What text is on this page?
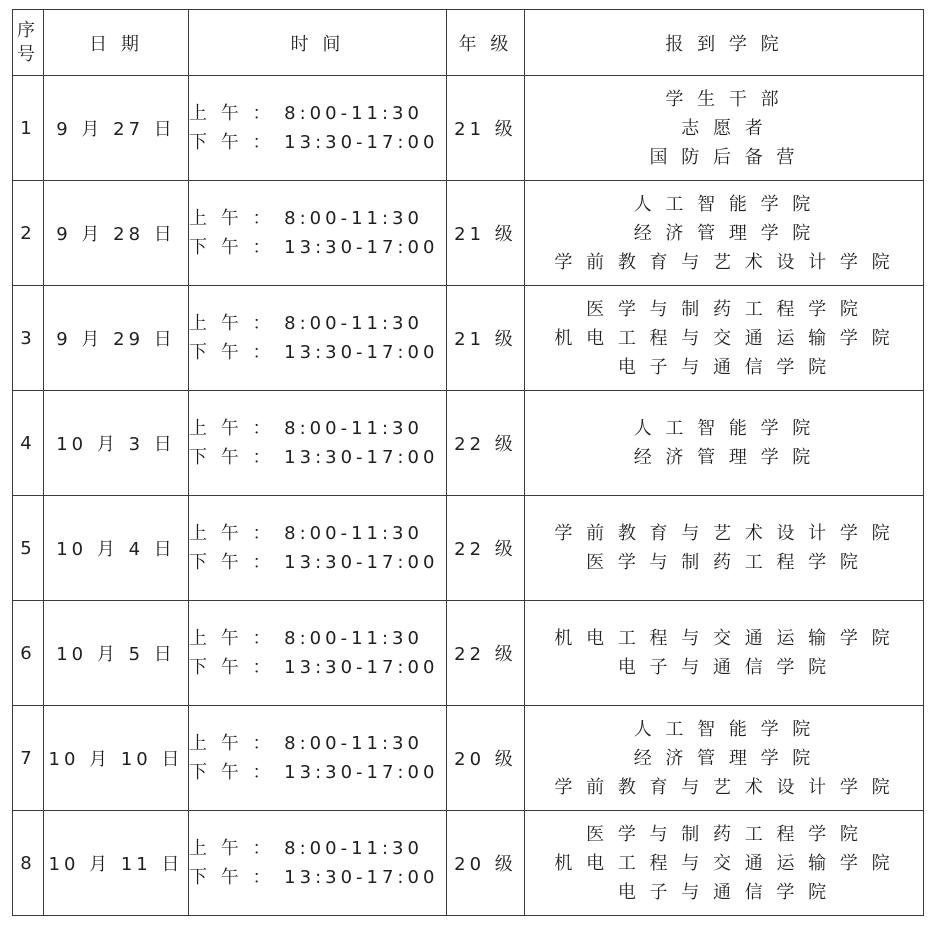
序
号	日 期	时 间	年 级	报 到 学 院
1	9 月 27 日	上 午 ： 8:00-11:30
下 午 ： 13:30-17:00	21 级	学 生 干 部
志 愿 者
国 防 后 备 营

2	9 月 28 日	上 午 ： 8:00-11:30
下 午 ： 13:30-17:00	21 级	人 工 智 能 学 院
经 济 管 理 学 院
学 前 教 育 与 艺 术 设 计 学 院

3	9 月 29 日	上 午 ： 8:00-11:30
下 午 ： 13:30-17:00	21 级	医 学 与 制 药 工 程 学 院
机 电 工 程 与 交 通 运 输 学 院
电 子 与 通 信 学 院

4	10 月 3 日	上 午 ： 8:00-11:30
下 午 ： 13:30-17:00	22 级	人 工 智 能 学 院
经 济 管 理 学 院

5	10 月 4 日	上 午 ： 8:00-11:30
下 午 ： 13:30-17:00	22 级	学 前 教 育 与 艺 术 设 计 学 院
医 学 与 制 药 工 程 学 院

6	10 月 5 日	上 午 ： 8:00-11:30
下 午 ： 13:30-17:00	22 级	机 电 工 程 与 交 通 运 输 学 院
电 子 与 通 信 学 院

7	10 月 10 日	上 午 ： 8:00-11:30
下 午 ： 13:30-17:00	20 级	人 工 智 能 学 院
经 济 管 理 学 院
学 前 教 育 与 艺 术 设 计 学 院

8	10 月 11 日	上 午 ： 8:00-11:30
下 午 ： 13:30-17:00	20 级	医 学 与 制 药 工 程 学 院
机 电 工 程 与 交 通 运 输 学 院
电 子 与 通 信 学 院
